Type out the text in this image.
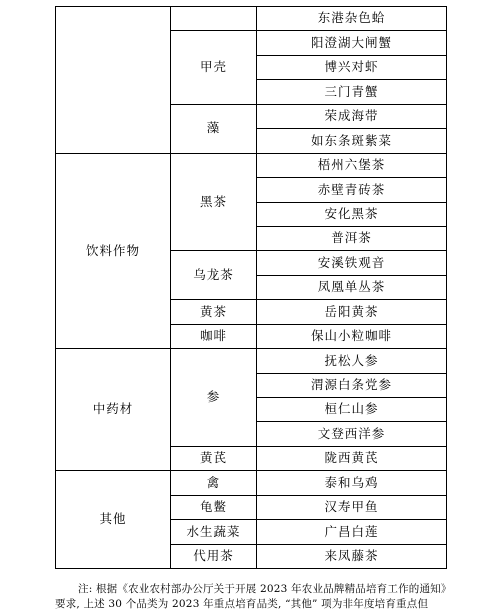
		东港杂色蛤
	甲壳	阳澄湖大闸蟹
		博兴对虾
		三门青蟹
	藻	荣成海带
		如东条斑紫菜
饮料作物	黑茶	梧州六堡茶
		赤壁青砖茶
		安化黑茶
		普洱茶
	乌龙茶	安溪铁观音
		凤凰单丛茶
	黄茶	岳阳黄茶
	咖啡	保山小粒咖啡
中药材	参	抚松人参
		渭源白条党参
		桓仁山参
		文登西洋参
	黄芪	陇西黄芪
其他	禽	泰和乌鸡
	龟鳖	汉寿甲鱼
	水生蔬菜	广昌白莲
	代用茶	来凤藤茶
注: 根据《农业农村部办公厅关于开展 2023 年农业品牌精品培育工作的通知》
要求, 上述 30 个品类为 2023 年重点培育品类, “其他” 项为非年度培育重点但
